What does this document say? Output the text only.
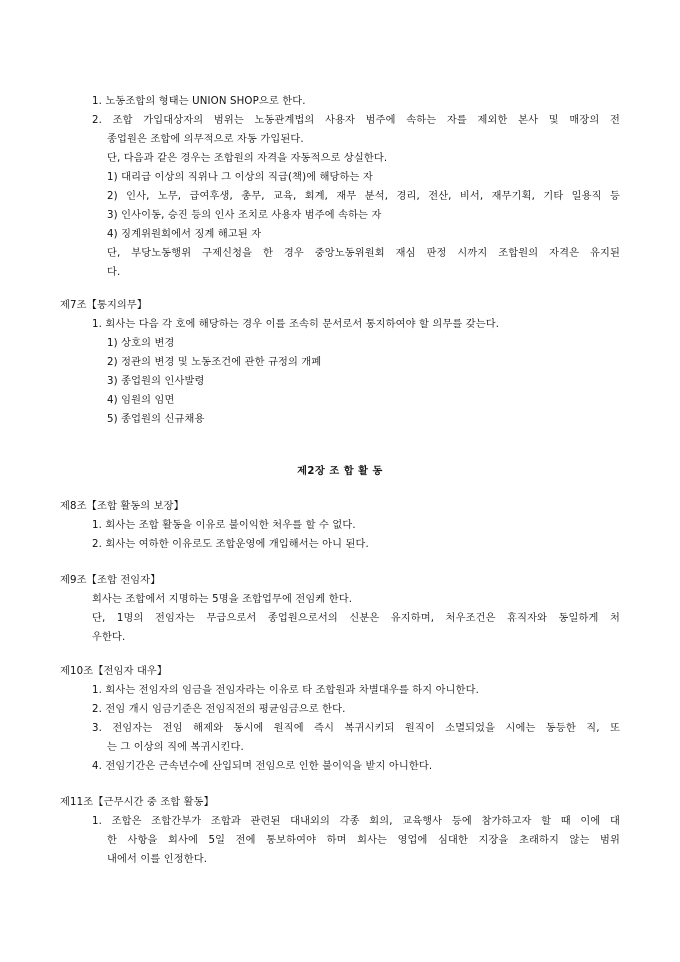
1. 노동조합의 형태는 UNION SHOP으로 한다.
2. 조합 가입대상자의 범위는 노동관계법의 사용자 범주에 속하는 자를 제외한 본사 및 매장의 전
종업원은 조합에 의무적으로 자동 가입된다.
단, 다음과 같은 경우는 조합원의 자격을 자동적으로 상실한다.
1) 대리급 이상의 직위나 그 이상의 직급(책)에 해당하는 자
2) 인사, 노무, 급여후생, 총무, 교육, 회계, 재무 분석, 경리, 전산, 비서, 재무기획, 기타 일용직 등
3) 인사이동, 승진 등의 인사 조치로 사용자 범주에 속하는 자
4) 징계위원회에서 징계 해고된 자
단, 부당노동행위 구제신청을 한 경우 중앙노동위원회 재심 판정 시까지 조합원의 자격은 유지된
다.
제7조【통지의무】
1. 회사는 다음 각 호에 해당하는 경우 이를 조속히 문서로서 통지하여야 할 의무를 갖는다.
1) 상호의 변경
2) 정관의 변경 및 노동조건에 관한 규정의 개폐
3) 종업원의 인사발령
4) 임원의 임면
5) 종업원의 신규채용
제2장 조 합 활 동
제8조【조합 활동의 보장】
1. 회사는 조합 활동을 이유로 불이익한 처우를 할 수 없다.
2. 회사는 여하한 이유로도 조합운영에 개입해서는 아니 된다.
제9조【조합 전임자】
회사는 조합에서 지명하는 5명을 조합업무에 전임케 한다.
단, 1명의 전임자는 무급으로서 종업원으로서의 신분은 유지하며, 처우조건은 휴직자와 동일하게 처
우한다.
제10조【전임자 대우】
1. 회사는 전임자의 임금을 전임자라는 이유로 타 조합원과 차별대우를 하지 아니한다.
2. 전임 개시 임금기준은 전임직전의 평균임금으로 한다.
3. 전임자는 전임 해제와 동시에 원직에 즉시 복귀시키되 원직이 소멸되었을 시에는 동등한 직, 또
는 그 이상의 직에 복귀시킨다.
4. 전임기간은 근속년수에 산입되며 전임으로 인한 불이익을 받지 아니한다.
제11조【근무시간 중 조합 활동】
1. 조합은 조합간부가 조합과 관련된 대내외의 각종 회의, 교육행사 등에 참가하고자 할 때 이에 대
한 사항을 회사에 5일 전에 통보하여야 하며 회사는 영업에 심대한 지장을 초래하지 않는 범위
내에서 이를 인정한다.
